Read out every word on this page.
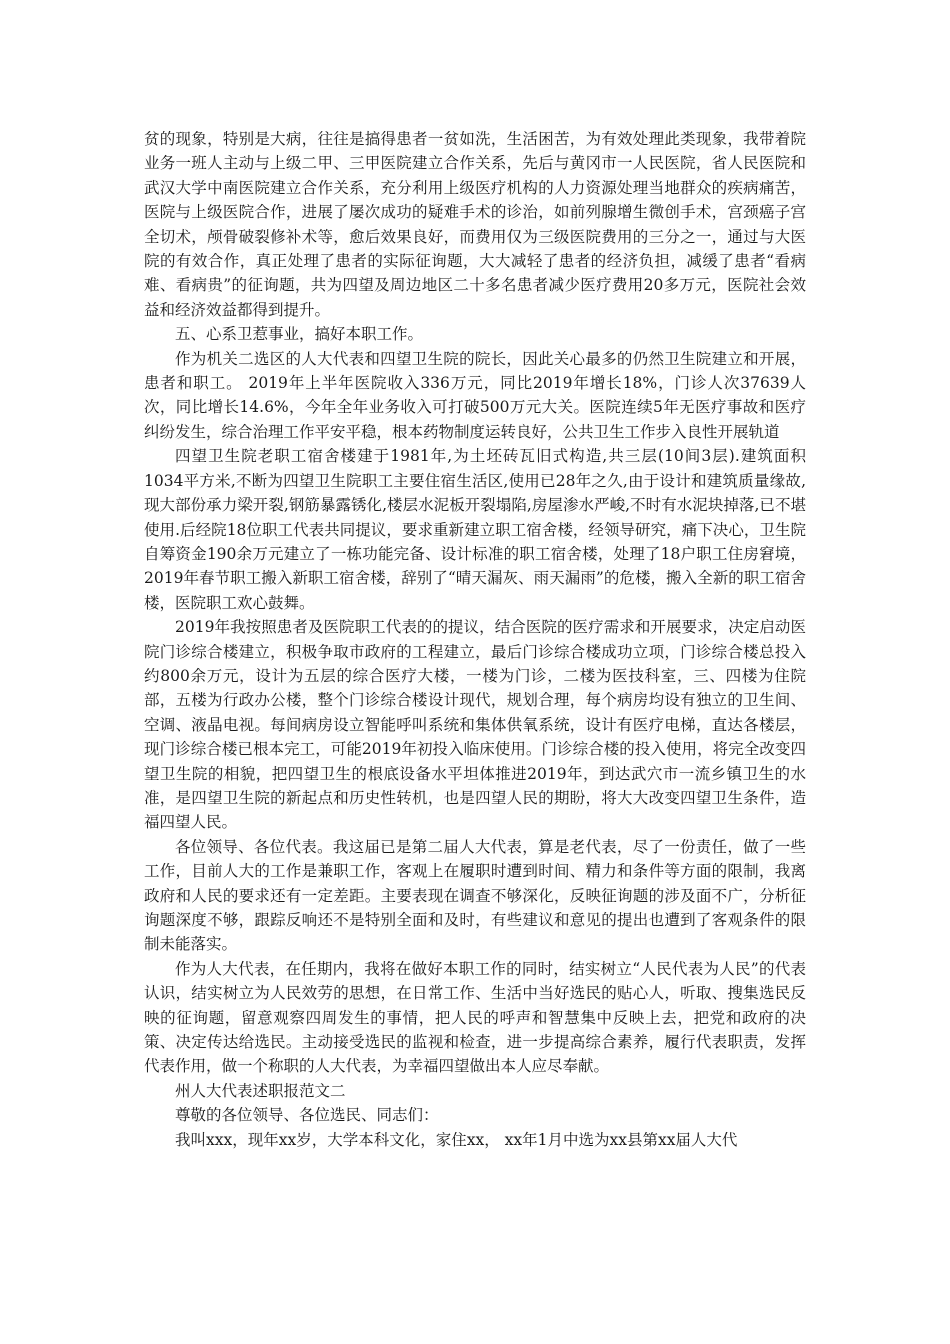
贫的现象，特别是大病，往往是搞得患者一贫如洗，生活困苦，为有效处理此类现象，我带着院业务一班人主动与上级二甲、三甲医院建立合作关系，先后与黄冈市一人民医院，省人民医院和武汉大学中南医院建立合作关系，充分利用上级医疗机构的人力资源处理当地群众的疾病痛苦，医院与上级医院合作，进展了屡次成功的疑难手术的诊治，如前列腺增生微创手术，宫颈癌子宫全切术，颅骨破裂修补术等，愈后效果良好，而费用仅为三级医院费用的三分之一，通过与大医院的有效合作，真正处理了患者的实际征询题，大大减轻了患者的经济负担，减缓了患者“看病难、看病贵”的征询题，共为四望及周边地区二十多名患者减少医疗费用20多万元，医院社会效益和经济效益都得到提升。

五、心系卫惹事业，搞好本职工作。

作为机关二选区的人大代表和四望卫生院的院长，因此关心最多的仍然卫生院建立和开展，患者和职工。 2019年上半年医院收入336万元，同比2019年增长18%，门诊人次37639人次，同比增长14.6%，今年全年业务收入可打破500万元大关。医院连续5年无医疗事故和医疗纠纷发生，综合治理工作平安平稳，根本药物制度运转良好，公共卫生工作步入良性开展轨道

四望卫生院老职工宿舍楼建于1981年,为土坯砖瓦旧式构造,共三层(10间3层).建筑面积1034平方米,不断为四望卫生院职工主要住宿生活区,使用已28年之久,由于设计和建筑质量缘故,现大部份承力梁开裂,钢筋暴露锈化,楼层水泥板开裂塌陷,房屋渗水严峻,不时有水泥块掉落,已不堪使用.后经院18位职工代表共同提议，要求重新建立职工宿舍楼，经领导研究，痛下决心，卫生院自筹资金190余万元建立了一栋功能完备、设计标准的职工宿舍楼，处理了18户职工住房窘境，2019年春节职工搬入新职工宿舍楼，辞别了“晴天漏灰、雨天漏雨”的危楼，搬入全新的职工宿舍楼，医院职工欢心鼓舞。

2019年我按照患者及医院职工代表的的提议，结合医院的医疗需求和开展要求，决定启动医院门诊综合楼建立，积极争取市政府的工程建立，最后门诊综合楼成功立项，门诊综合楼总投入约800余万元，设计为五层的综合医疗大楼，一楼为门诊，二楼为医技科室，三、四楼为住院部，五楼为行政办公楼，整个门诊综合楼设计现代，规划合理，每个病房均设有独立的卫生间、空调、液晶电视。每间病房设立智能呼叫系统和集体供氧系统，设计有医疗电梯，直达各楼层，现门诊综合楼已根本完工，可能2019年初投入临床使用。门诊综合楼的投入使用，将完全改变四望卫生院的相貌，把四望卫生的根底设备水平坦体推进2019年，到达武穴市一流乡镇卫生的水准，是四望卫生院的新起点和历史性转机，也是四望人民的期盼，将大大改变四望卫生条件，造福四望人民。

各位领导、各位代表。我这届已是第二届人大代表，算是老代表，尽了一份责任，做了一些工作，目前人大的工作是兼职工作，客观上在履职时遭到时间、精力和条件等方面的限制，我离政府和人民的要求还有一定差距。主要表现在调查不够深化，反映征询题的涉及面不广，分析征询题深度不够，跟踪反响还不是特别全面和及时，有些建议和意见的提出也遭到了客观条件的限制未能落实。

作为人大代表，在任期内，我将在做好本职工作的同时，结实树立“人民代表为人民”的代表认识，结实树立为人民效劳的思想，在日常工作、生活中当好选民的贴心人，听取、搜集选民反映的征询题，留意观察四周发生的事情，把人民的呼声和智慧集中反映上去，把党和政府的决策、决定传达给选民。主动接受选民的监视和检查，进一步提高综合素养，履行代表职责，发挥代表作用，做一个称职的人大代表，为幸福四望做出本人应尽奉献。

州人大代表述职报范文二

尊敬的各位领导、各位选民、同志们：

我叫xxx，现年xx岁，大学本科文化，家住xx， xx年1月中选为xx县第xx届人大代
